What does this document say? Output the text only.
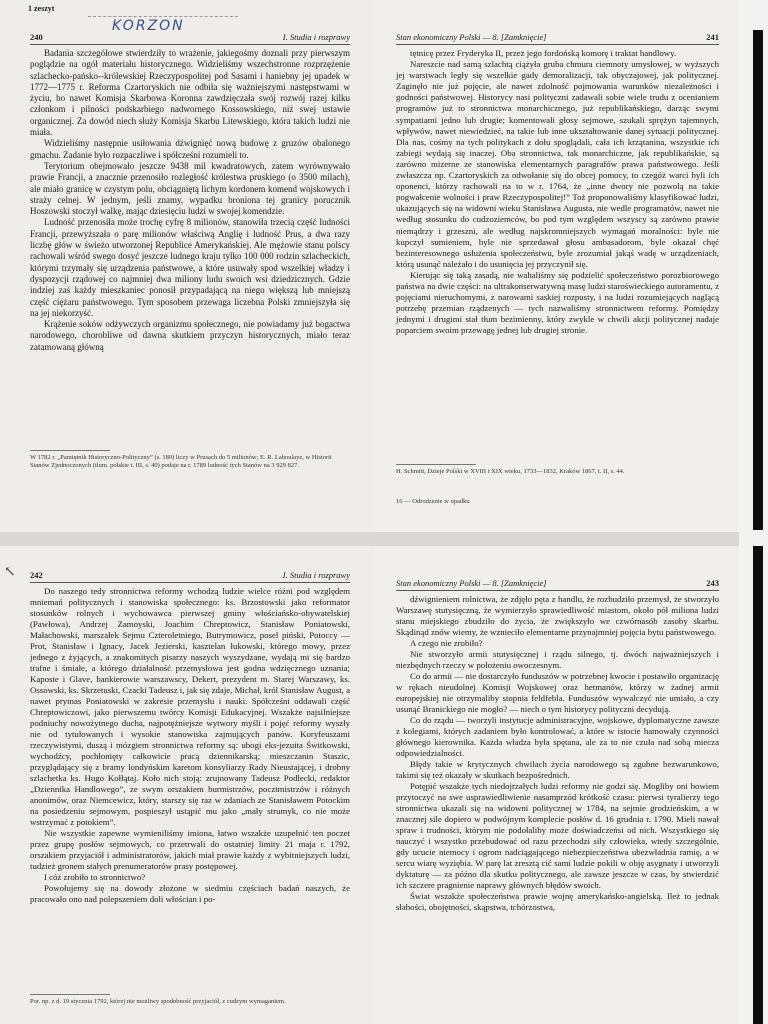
1 zeszyt
KORZON
240	I. Studia i rozprawy

Badania szczegółowe stwierdziły to wrażenie, jakiegośmy doznali przy pierwszym poglądzie na ogół materiału historycznego. Widzieliśmy wszechstronne rozprzężenie szlachecko-pańsko--królewskiej Rzeczypospolitej pod Sasami i haniebny jej upadek w 1772—1775 r. Reforma Czartoryskich nie odbiła się ważniejszymi następstwami w życiu, bo nawet Komisja Skarbowa Koronna zawdzięczała swój rozwój razej kilku członkom i pilności podskarbiego nadwornego Kossowskiego, niż swej ustawie organicznej. Za dowód niech służy Komisja Skarbu Litewskiego, która takich ludzi nie miała.

Widzieliśmy następnie usiłowania dźwignięć nową budowę z gruzów obalonego gmachu. Zadanie było rozpaczliwe i spółcześni rozumieli to.

Terytorium obejmowało jeszcze 9438 mil kwadratowych, zatem wyrównywało prawie Francji, a znacznie przenosiło rozległość królestwa pruskiego (o 3500 milach), ale miało granicę w czystym polu, obciągniętą lichym kordonem komend wojskowych i straży celnej. W jednym, jeśli znamy, wypadku broniona tej granicy porucznik Hoszowski stoczył walkę, mając dziesięciu ludzi w swojej komendzie.

Ludność przenosiła może trochę cyfrę 8 milionów, stanowiła trzecią część ludności Francji, przewyższała o parę milionów właściwą Anglię i ludność Prus, a dwa razy liczbę głów w świeżo utworzonej Republice Amerykańskiej. Ale mężowie stanu polscy rachowali wśród swego dosyć jeszcze ludnego kraju tylko 100 000 rodzin szlacheckich, którymi trzymały się urządzenia państwowe, a które usuwały spod wszelkiej władzy i dyspozycji rządowej co najmniej dwa miliony ludu swoich wsi dziedzicznych. Gdzie indziej zaś każdy mieszkaniec ponosił przypadającą na niego większą lub mniejszą część ciężaru państwowego. Tym sposobem przewaga liczebna Polski zmniejszyła się na jej niekorzyść.

Krążenie soków odżywczych organizmu społecznego, nie powiadamy już bogactwa narodowego, chorobliwe od dawna skutkiem przyczyn historycznych, miało teraz zatamowaną główną

W 1782 r. „Pamiętnik Historyczno-Polityczny” (s. 180) liczy w Prusach do 5 milionów; E. R. Laboulaye, w Historii Stanów Zjednoczonych (tłum. polskie t. III, s. 40) podaje na r. 1789 ludność tych Stanów na 3 929 827.
Stan ekonomiczny Polski — 8. [Zamknięcie]	241

tętnicę przez Fryderyka II, przez jego fordońską komorę i traktat handlowy.

Nareszcie nad samą szlachtą ciążyła gruba chmura ciemnoty umysłowej, w wyższych jej warstwach legły się wszelkie gady demoralizacji, tak obyczajowej, jak politycznej. Zaginęło nie już pojęcie, ale nawet zdolność pojmowania warunków niezależności i godności państwowej. Historycy nasi polityczni zadawali sobie wiele trudu z ocenianiem programów już to stronnictwa monarchicznego, już republikańskiego, darząc swymi sympatiami jedno lub drugie; komentowali głosy sejmowe, szukali sprężyn tajemnych, wpływów, nawet niewiedzieć, na takie lub inne ukształtowanie danej sytuacji politycznej. Dla nas, cośmy na tych politykach z dołu spoglądali, cała ich krzątanina, wszystkie ich zabiegi wydają się inaczej. Oba stronnictwa, tak monarchiczne, jak republikańskie, są zarówno mizerne ze stanowiska elementarnych paragrafów prawa państwowego. Jeśli zwłaszcza np. Czartoryskich za odwołanie się do obcej pomocy, to czegóż warci byli ich oponenci, którzy rachowali na to w r. 1764, że „inne dwory nie pozwolą na takie pogwałcenie wolności i praw Rzeczypospolitej!” Toż proponowaliśmy klasyfikować ludzi, ukazujących się na widowni wieku Stanisława Augusta, nie wedle programatów, nawet nie według stosunku do cudzoziemców, bo pod tym względem wszyscy są zarówno prawie niemądrzy i grzeszni, ale według najskromniejszych wymagań moralności: byle nie kupczył sumieniem, byle nie sprzedawał głosu ambasadorom, byle okazał chęć bezinteresownego usłużenia społeczeństwu, byle zrozumiał jakąś wadę w urządzeniach, którą usunąć należało i do usunięcia jej przyczynił się.

Kierując się taką zasadą, nie wahaliśmy się podzielić społeczeństwo porozbiorowego państwa na dwie części: na ultrakonserwatywną masę ludzi staroświeckiego autoramentu, z pojęciami nieruchomymi, z narowami saskiej rozpusty, i na ludzi rozumiejących naglącą potrzebę przemian rządzenych — tych nazwaliśmy stronnictwem reformy. Pomiędzy jednymi i drugimi stał tłum bezimienny, który zwykle w chwili akcji politycznej nadaje poparciem swoim przewagę jednej lub drugiej stronie.

H. Schmitt, Dzieje Polski w XVIII i XIX wieku, 1733—1832, Kraków 1867, t. II, s. 44.
16 — Odrodzenie w upadku
↖ 242	I. Studia i rozprawy

Do naszego tedy stronnictwa reformy wchodzą ludzie wielce różni pod względem mniemań politycznych i stanowiska społecznego: ks. Brzostowski jako reformator stosunków rolnych i wychowawca pierwszej gminy włościańsko-obywatelskiej (Pawłowa), Andrzej Zamoyski, Joachim Chreptowicz, Stanisław Poniatowski, Małachowski, marszałek Sejmu Czteroletniego, Butrymowicz, posel piński, Potoccy — Prot, Stanisław i Ignacy, Jacek Jezierski, kasztelan łukowski, którego mowy, przez jednego z żyjących, a znakomitych pisarzy naszych wyszydzane, wydają mi się bardzo trafne i śmiałe, a którego działalność przemysłowa jest godna wdzięcznego uznania; Kaposte i Glave, bankierowie warszawscy, Dekert, prezydent m. Starej Warszawy, ks. Ossowski, ks. Skrzetuski, Czacki Tadeusz i, jak się zdaje, Michał, król Stanisław August, a nawet prymas Poniatowski w zakresie przemysłu i nauki. Spółcześni oddawali część Chreptowiczowi, jako pierwszemu twórcy Komisji Edukacyjnej. Wszakże najsilniejsze podniuchy nowożytnego ducha, najpotężniejsze wytwory myśli i pojęć reformy wyszły nie od tytułowanych i wysokie stanowiska zajmujących panów. Koryfeuszami rzeczywistymi, duszą i mózgiem stronnictwa reformy są: ubogi eks-jezuita Świtkowski, wychodźcy, pochłonięty całkowicie pracą dziennikarską; mieszczanin Staszic, przyglądający się z bramy londyńskim karetom konsyliarzy Rady Nieustającej, i drobny szlachetka ks. Hugo Kołłątaj. Koło nich stoją: zrujnowany Tadeusz Podlecki, redaktor „Dziennika Handlowego”, ze swym orszakiem burmistrzów, pocztmistrzów i różnych anonimów, oraz Niemcewicz, który, starszy się raz w zdaniach ze Stanisławem Potockim na posiedzeniu sejmowym, pospieszył ustąpić mu jako „mały strumyk, co nie może wstrzymać z potokiem”.

Nie wszystkie zapewne wymieniliśmy imiona, łatwo wszakże uzupełnić ten poczet przez grupę posłów sejmowych, co przetrwali do ostatniej limity 21 maja r. 1792, orszakiem przyjaciół i administratorów, jakich miał prawie każdy z wybitniejszych ludzi, tudzież gronem stałych prenumeratorów prasy postępowej.

I cóż zrobiło to stronnictwo?

Powołujemy się na dowody złożone w siedmiu częściach badań naszych, że pracowało ono nad polepszeniem doli włościan i po-

Por. np. z d. 19 stycznia 1792, której nie możliwy spodobność przyjaciół, z cudzym wymaganiem.
Stan ekonomiczny Polski — 8. [Zamknięcie]	243

dźwignieniem rolnictwa, że zdjęło pęta z handlu, że rozbudziło przemysł, że stworzyło Warszawę stutysięczną, że wymierzyło sprawiedliwość miastom, około pół miliona ludzi stanu miejskiego zbudziło do życia, że zwiększyło we czwórnasób zasoby skarbu. Skądinąd znów wiemy, że wznieciło elementarne przynajmniej pojęcia bytu państwowego.

A czego nie zrobiło?

Nie stworzyło armii stutysięcznej i rządu silnego, tj. dwóch najważniejszych i niezbędnych rzeczy w położeniu owoczesnym.

Co do armii — nie dostarczyło funduszów w potrzebnej kwocie i postawiło organizację w rękach nieudolnej Komisji Wojskowej oraz hetmanów, którzy w żadnej armii europejskiej nie otrzymaliby stopnia feldfebla. Funduszów wywalczyć nie umiało, a czy usunąć Branickiego nie mogło? — niech o tym historycy polityczni decydują.

Co do rządu — tworzyli instytucje administracyjne, wojskowe, dyplomatyczne zawsze z kolegiami, których zadaniem było kontrolować, a które w istocie hamowały czynności głównego kierownika. Każda władza była spętana, ale za to nie czuła nad sobą mieczа odpowiedzialności.

Błędy takie w krytycznych chwilach życia narodowego są zgubne bezwarunkowo, takimi się też okazały w skutkach bezpośrednich.

Potępić wszakże tych niedojrzałych ludzi reformy nie godzi się. Mogliby oni bowiem przytoczyć na swe usprawiedliwienie nasamprzód krótkość czasu: pierwsi tyralierzy tego stronnictwa ukazali się na widowni politycznej w 1784, na sejmie grodzieńskim, a w znacznej sile dopiero w podwójnym komplecie posłów d. 16 grudnia r. 1790. Mieli nawał spraw i trudności, którym nie podołaliby może doświadczeńsi od nich. Wszystkiego się nauczyć i wszystko przebudować od razu przechodzi siły człowieka, wtedy szczególnie, gdy ucucie niemocy i ogrom nadciągającego niebezpieczeństwa ubezwładnia ramię, a w sercu wiarę wyziębia. W parę lat zresztą cić sami ludzie pokili w obję asygnaty i utworzyli dyktaturę — za późno dla skutku politycznego, ale zawsze jeszcze w czas, by stwierdzić ich szczere pragnienie naprawy głównych błędów swoich.

Świat wszakże społeczeństwa prawie wojnę amerykańsko-angielską. Ileż to jednak słabości, obojętności, skąpstwa, tchórzostwa,
